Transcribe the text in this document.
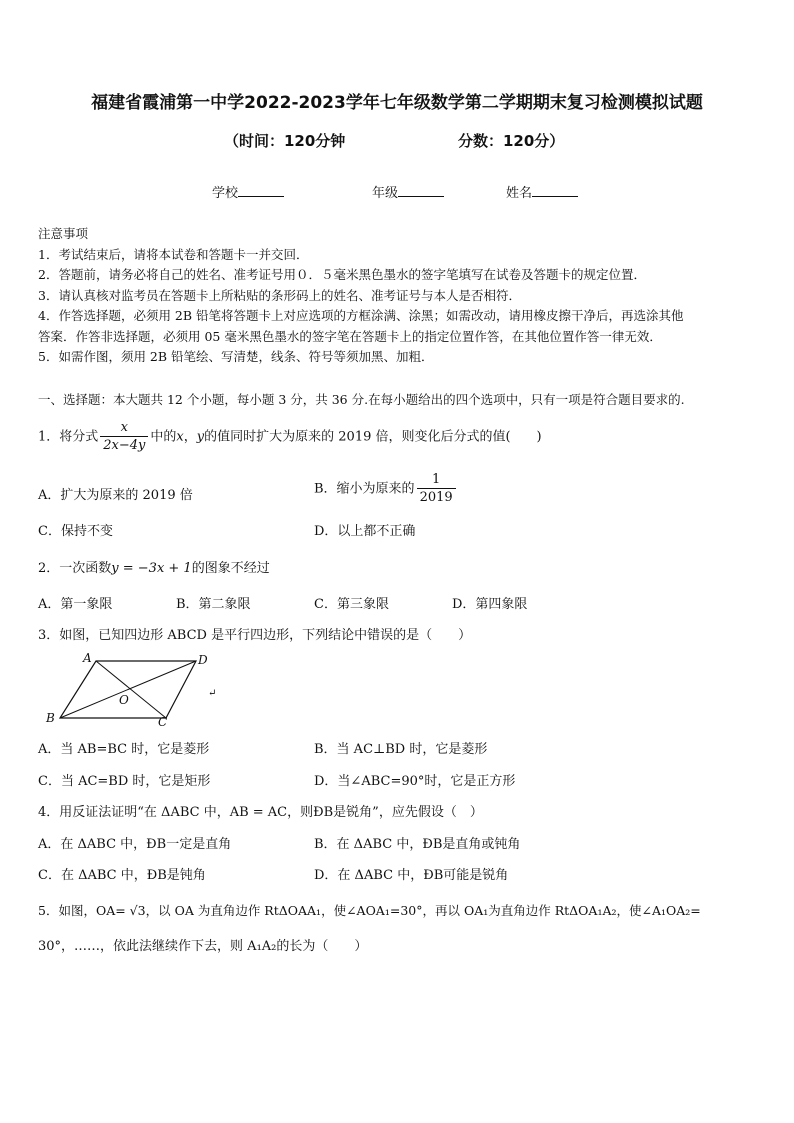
福建省霞浦第一中学2022-2023学年七年级数学第二学期期末复习检测模拟试题
（时间：120分钟	分数：120分）
学校	年级	姓名
注意事项
1．考试结束后，请将本试卷和答题卡一并交回．
2．答题前，请务必将自己的姓名、准考证号用０．５毫米黑色墨水的签字笔填写在试卷及答题卡的规定位置．
3．请认真核对监考员在答题卡上所粘贴的条形码上的姓名、准考证号与本人是否相符．
4．作答选择题，必须用 2B 铅笔将答题卡上对应选项的方框涂满、涂黑；如需改动，请用橡皮擦干净后，再选涂其他
答案．作答非选择题，必须用 05 毫米黑色墨水的签字笔在答题卡上的指定位置作答，在其他位置作答一律无效．
5．如需作图，须用 2B 铅笔绘、写清楚，线条、符号等须加黑、加粗．
一、选择题：本大题共 12 个小题，每小题 3 分，共 36 分.在每小题给出的四个选项中，只有一项是符合题目要求的.
1．将分式 $\frac{x}{2x-4y}$ 中的x，y的值同时扩大为原来的 2019 倍，则变化后分式的值(　　)
A．扩大为原来的 2019 倍	B．缩小为原来的 $\frac{1}{2019}$
C．保持不变	D．以上都不正确
2．一次函数y = −3x + 1的图象不经过
A．第一象限	B．第二象限	C．第三象限	D．第四象限
3．如图，已知四边形 ABCD 是平行四边形，下列结论中错误的是（　　）
A	D
B	C
O	↵
A．当 AB=BC 时，它是菱形	B．当 AC⊥BD 时，它是菱形
C．当 AC=BD 时，它是矩形	D．当∠ABC=90°时，它是正方形
4．用反证法证明“在 ΔABC 中，AB = AC，则ÐB是锐角”，应先假设（　）
A．在 ΔABC 中，ÐB一定是直角	B．在 ΔABC 中，ÐB是直角或钝角
C．在 ΔABC 中，ÐB是钝角	D．在 ΔABC 中，ÐB可能是锐角
5．如图，OA= √3，以 OA 为直角边作 RtΔOAA₁，使∠AOA₁=30°，再以 OA₁为直角边作 RtΔOA₁A₂，使∠A₁OA₂=
30°，……，依此法继续作下去，则 A₁A₂的长为（　　）
